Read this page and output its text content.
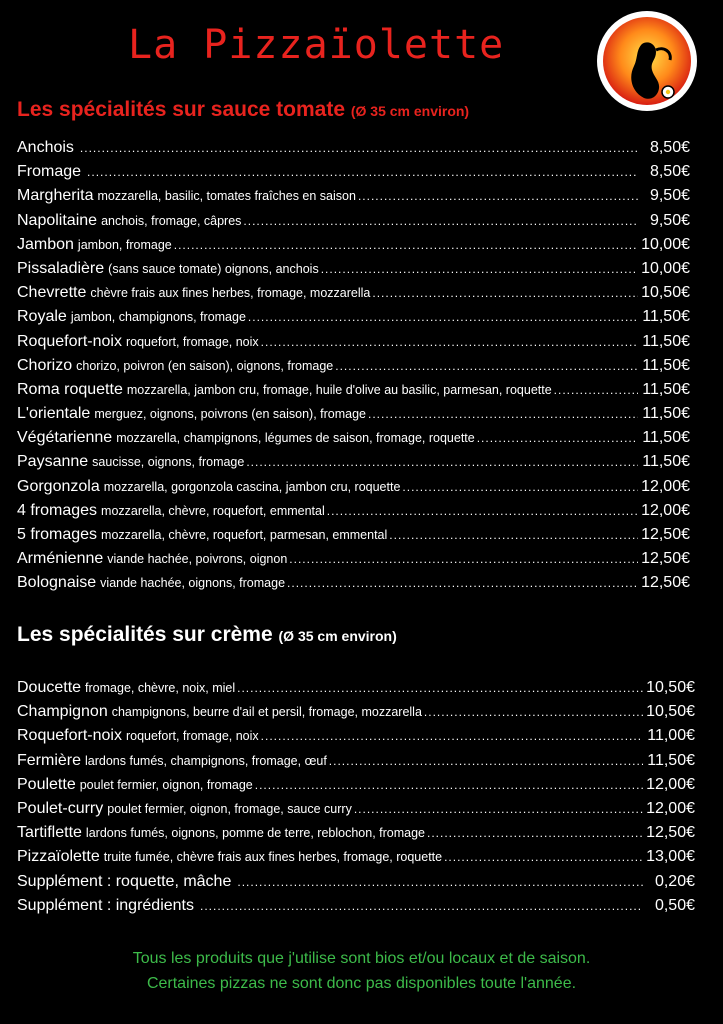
La Pizzaïolette
Les spécialités sur sauce tomate (Ø 35 cm environ)
Anchois .....	8,50€
Fromage .....	8,50€
Margherita mozzarella, basilic, tomates fraîches en saison .....	9,50€
Napolitaine anchois, fromage, câpres .....	9,50€
Jambon jambon, fromage .....	10,00€
Pissaladière (sans sauce tomate) oignons, anchois .....	10,00€
Chevrette chèvre frais aux fines herbes, fromage, mozzarella .....	10,50€
Royale jambon, champignons, fromage .....	11,50€
Roquefort-noix roquefort, fromage, noix .....	11,50€
Chorizo chorizo, poivron (en saison), oignons, fromage .....	11,50€
Roma roquette mozzarella, jambon cru, fromage, huile d'olive au basilic, parmesan, roquette .....	11,50€
L'orientale merguez, oignons, poivrons (en saison), fromage .....	11,50€
Végétarienne mozzarella, champignons, légumes de saison, fromage, roquette .....	11,50€
Paysanne saucisse, oignons, fromage .....	11,50€
Gorgonzola mozzarella, gorgonzola cascina, jambon cru, roquette .....	12,00€
4 fromages mozzarella, chèvre, roquefort, emmental .....	12,00€
5 fromages mozzarella, chèvre, roquefort, parmesan, emmental .....	12,50€
Arménienne viande hachée, poivrons, oignon .....	12,50€
Bolognaise viande hachée, oignons, fromage .....	12,50€
Les spécialités sur crème (Ø 35 cm environ)
Doucette fromage, chèvre, noix, miel .....	10,50€
Champignon champignons, beurre d'ail et persil, fromage, mozzarella .....	10,50€
Roquefort-noix roquefort, fromage, noix .....	11,00€
Fermière lardons fumés, champignons, fromage, œuf .....	11,50€
Poulette poulet fermier, oignon, fromage .....	12,00€
Poulet-curry poulet fermier, oignon, fromage, sauce curry .....	12,00€
Tartiflette lardons fumés, oignons, pomme de terre, reblochon, fromage .....	12,50€
Pizzaïolette truite fumée, chèvre frais aux fines herbes, fromage, roquette .....	13,00€
Supplément : roquette, mâche .....	0,20€
Supplément : ingrédients .....	0,50€
Tous les produits que j'utilise sont bios et/ou locaux et de saison.
Certaines pizzas ne sont donc pas disponibles toute l'année.
